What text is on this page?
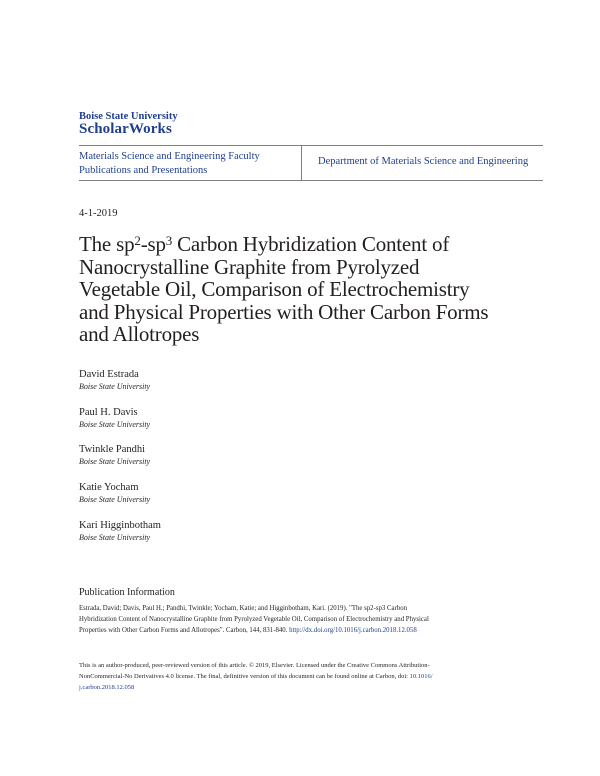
Boise State University
ScholarWorks
Materials Science and Engineering Faculty
Publications and Presentations
Department of Materials Science and Engineering
4-1-2019
The $sp^2-sp^3$ Carbon Hybridization Content of
Nanocrystalline Graphite from Pyrolyzed
Vegetable Oil, Comparison of Electrochemistry
and Physical Properties with Other Carbon Forms
and Allotropes
David Estrada
Boise State University
Paul H. Davis
Boise State University
Twinkle Pandhi
Boise State University
Katie Yocham
Boise State University
Kari Higginbotham
Boise State University
Publication Information
Estrada, David; Davis, Paul H.; Pandhi, Twinkle; Yocham, Katie; and Higginbotham, Kari. (2019). "The sp2-sp3 Carbon
Hybridization Content of Nanocrystalline Graphite from Pyrolyzed Vegetable Oil, Comparison of Electrochemistry and Physical
Properties with Other Carbon Forms and Allotropes". Carbon, 144, 831-840. http://dx.doi.org/10.1016/j.carbon.2018.12.058
This is an author-produced, peer-reviewed version of this article. © 2019, Elsevier. Licensed under the Creative Commons Attribution-
NonCommercial-No Derivatives 4.0 license. The final, definitive version of this document can be found online at Carbon, doi: 10.1016/
j.carbon.2018.12.058
